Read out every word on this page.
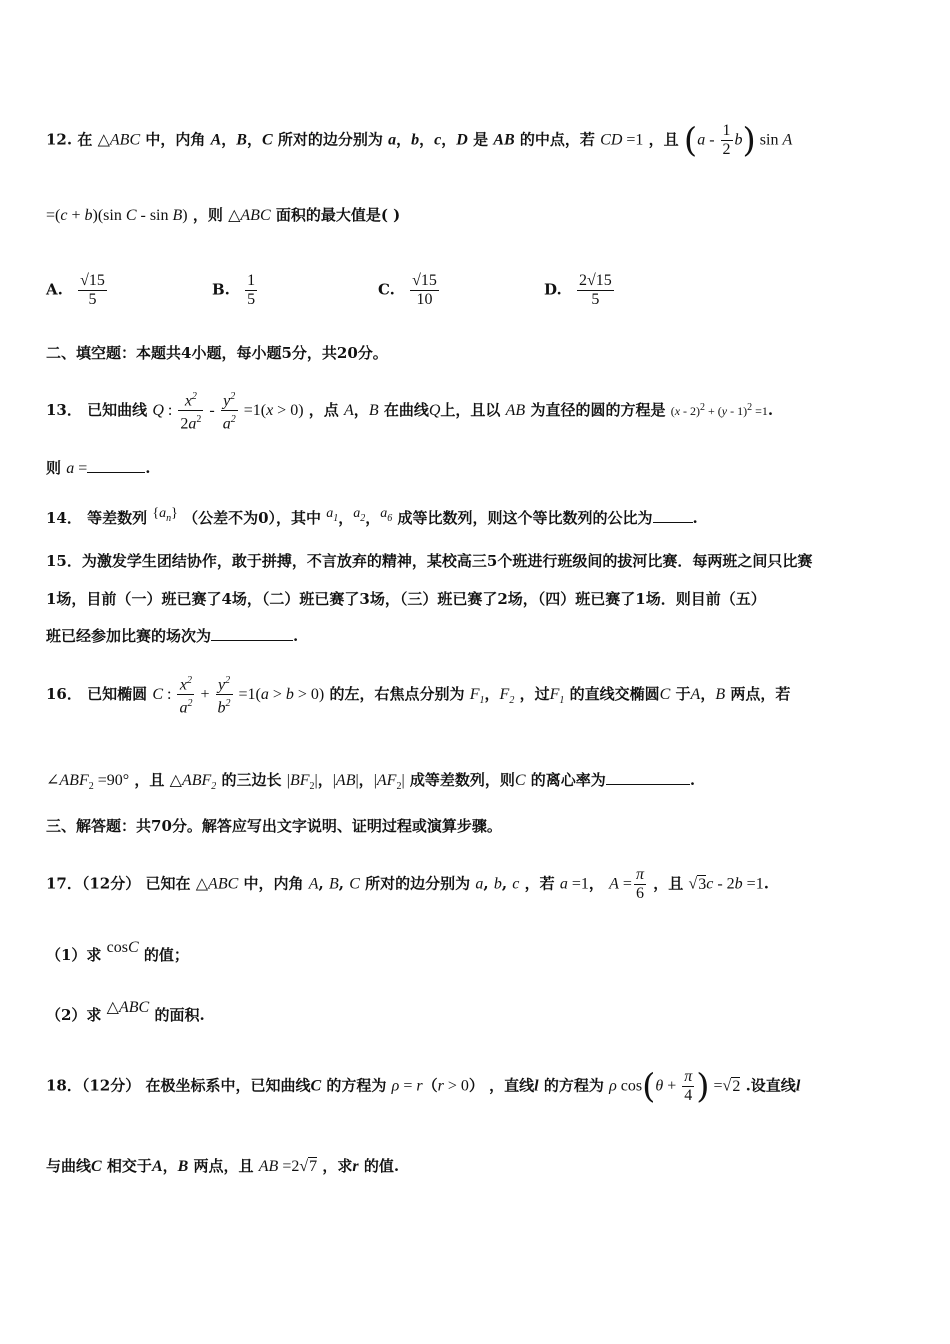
12. 在 △ABC 中，内角 A，B，C 所对的边分别为 a，b，c，D 是 AB 的中点，若 CD =1 ，且 $(a - \frac{1}{2} b)$ sin A
=(c + b)(sin C - sin B) ，则 △ABC 面积的最大值是( )
A. $\frac{√15}{5}$	B. $\frac{1}{5}$	C. $\frac{√15}{10}$	D. $\frac{2√15}{5}$
二、填空题：本题共4小题，每小题5分，共20分。
13． 已知曲线 Q : $\frac{x^2}{2a^2} - \frac{y^2}{a^2} =1(x > 0)$ ，点 A，B 在曲线Q上，且以 AB 为直径的圆的方程是 (x - 2)$^2$ + (y - 1)$^2$ =1.
则 a =	.
14． 等差数列 $\{a_n\}$ （公差不为0），其中 $a_1$，$a_2$，$a_6$ 成等比数列，则这个等比数列的公比为	.
15．为激发学生团结协作，敢于拼搏，不言放弃的精神，某校高三5个班进行班级间的拔河比赛．每两班之间只比赛
1场，目前（一）班已赛了4场，（二）班已赛了3场，（三）班已赛了2场，（四）班已赛了1场．则目前（五）
班已经参加比赛的场次为	.
16． 已知椭圆 C : $\frac{x^2}{a^2} + \frac{y^2}{b^2} =1(a > b > 0)$ 的左，右焦点分别为 $F_1$，$F_2$ ，过$F_1$ 的直线交椭圆C 于A，B 两点，若
$\angle ABF_2 =90^\circ$ ，且 $\triangle ABF_2$ 的三边长 $|BF_2|$，|AB|，$|AF_2|$ 成等差数列，则C 的离心率为	.
三、解答题：共70分。解答应写出文字说明、证明过程或演算步骤。
17．（12分） 已知在 △ABC 中，内角 A, B, C 所对的边分别为 a, b, c ，若 a =1， $A = \frac{\pi}{6}$ ，且 √3c - 2b =1.
（1）求 cosC 的值；
（2）求 △ABC 的面积.
18．（12分） 在极坐标系中，已知曲线C 的方程为 ρ = r（r > 0） ，直线l 的方程为 ρ $\cos(\theta + \frac{\pi}{4}$ ) =√2 .设直线l
与曲线C 相交于A，B 两点，且 AB =2√7 ，求r 的值.
